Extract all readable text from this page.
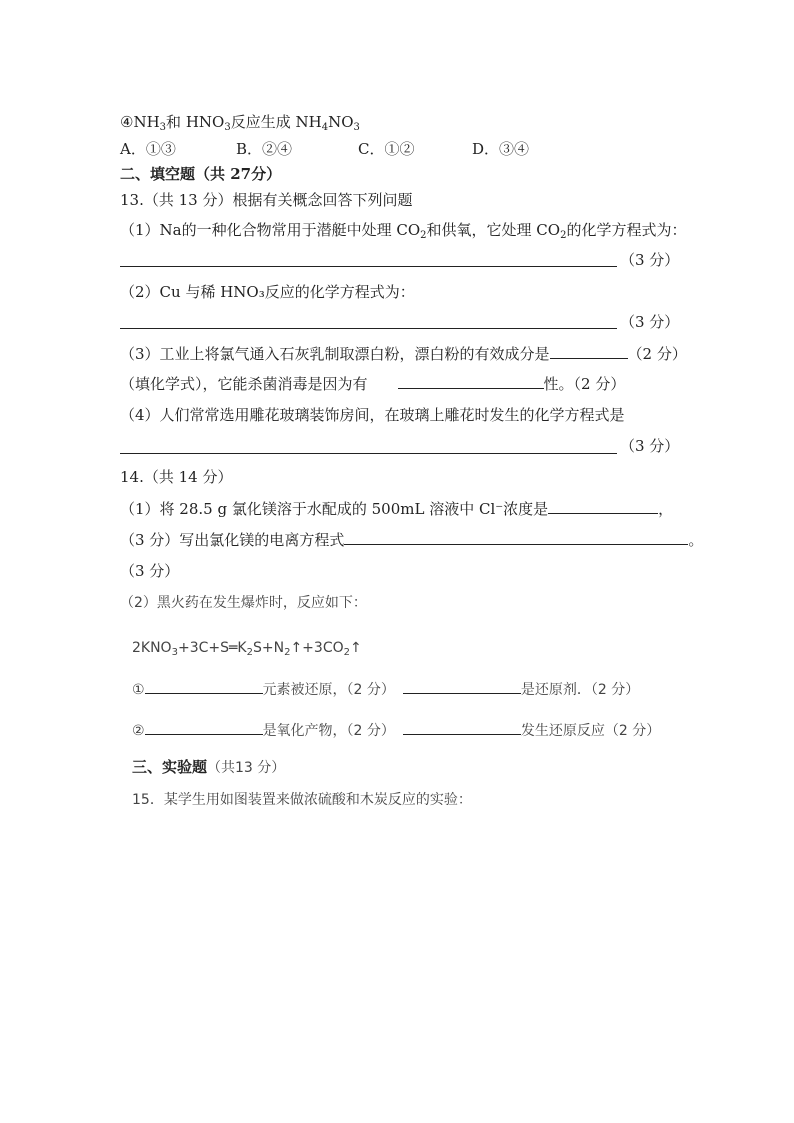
$④NH_3$和 $HNO_3$反应生成 $NH_4NO_3$
A．①③	B．②④	C．①②	D．③④
二、填空题（共 27分）
13.（共 13 分）根据有关概念回答下列问题
（1）Na的一种化合物常用于潜艇中处理 $CO_2$和供氧，它处理 $CO_2$的化学方程式为：
（3 分）
（2）Cu 与稀 HNO₃反应的化学方程式为：
（3 分）
（3）工业上将氯气通入石灰乳制取漂白粉，漂白粉的有效成分是	（2 分）
（填化学式），它能杀菌消毒是因为有	性。（2 分）
（4）人们常常选用雕花玻璃装饰房间，在玻璃上雕花时发生的化学方程式是
（3 分）
14.（共 14 分）
（1）将 28.5 g 氯化镁溶于水配成的 500mL 溶液中 Cl⁻浓度是	，
（3 分）写出氯化镁的电离方程式	。
（3 分）
（2）黑火药在发生爆炸时，反应如下：
$2KNO_3+3C+S═K_2S+N_2↑+3CO_2↑$
①	元素被还原，（2 分）	是还原剂．（2 分）
②	是氧化产物，（2 分）	发生还原反应（2 分）
三、实验题（共13 分）
15．某学生用如图装置来做浓硫酸和木炭反应的实验：
